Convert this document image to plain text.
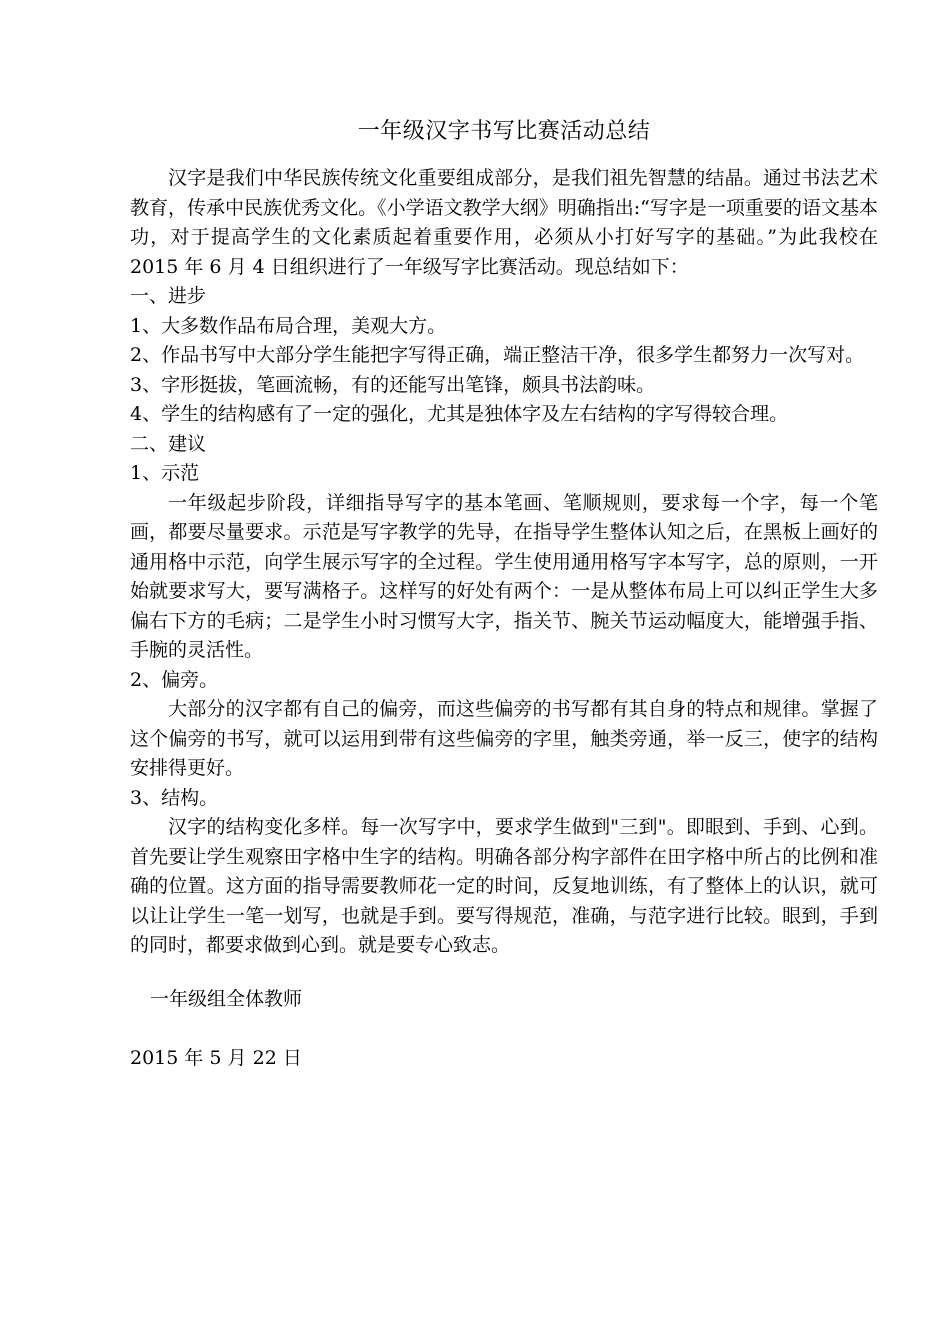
一年级汉字书写比赛活动总结

汉字是我们中华民族传统文化重要组成部分，是我们祖先智慧的结晶。通过书法艺术教育，传承中民族优秀文化。《小学语文教学大纲》明确指出:“写字是一项重要的语文基本功，对于提高学生的文化素质起着重要作用，必须从小打好写字的基础。”为此我校在 2015 年 6 月 4 日组织进行了一年级写字比赛活动。现总结如下：

一、进步

1、大多数作品布局合理，美观大方。

2、作品书写中大部分学生能把字写得正确，端正整洁干净，很多学生都努力一次写对。

3、字形挺拔，笔画流畅，有的还能写出笔锋，颇具书法韵味。

4、学生的结构感有了一定的强化，尤其是独体字及左右结构的字写得较合理。

二、建议

1、示范

一年级起步阶段，详细指导写字的基本笔画、笔顺规则，要求每一个字，每一个笔画，都要尽量要求。示范是写字教学的先导，在指导学生整体认知之后，在黑板上画好的通用格中示范，向学生展示写字的全过程。学生使用通用格写字本写字，总的原则，一开始就要求写大，要写满格子。这样写的好处有两个：一是从整体布局上可以纠正学生大多偏右下方的毛病；二是学生小时习惯写大字，指关节、腕关节运动幅度大，能增强手指、手腕的灵活性。

2、偏旁。

大部分的汉字都有自己的偏旁，而这些偏旁的书写都有其自身的特点和规律。掌握了这个偏旁的书写，就可以运用到带有这些偏旁的字里，触类旁通，举一反三，使字的结构安排得更好。

3、结构。

汉字的结构变化多样。每一次写字中，要求学生做到"三到"。即眼到、手到、心到。首先要让学生观察田字格中生字的结构。明确各部分构字部件在田字格中所占的比例和准确的位置。这方面的指导需要教师花一定的时间，反复地训练，有了整体上的认识，就可以让让学生一笔一划写，也就是手到。要写得规范，准确，与范字进行比较。眼到，手到的同时，都要求做到心到。就是要专心致志。

一年级组全体教师

2015 年 5 月 22 日
